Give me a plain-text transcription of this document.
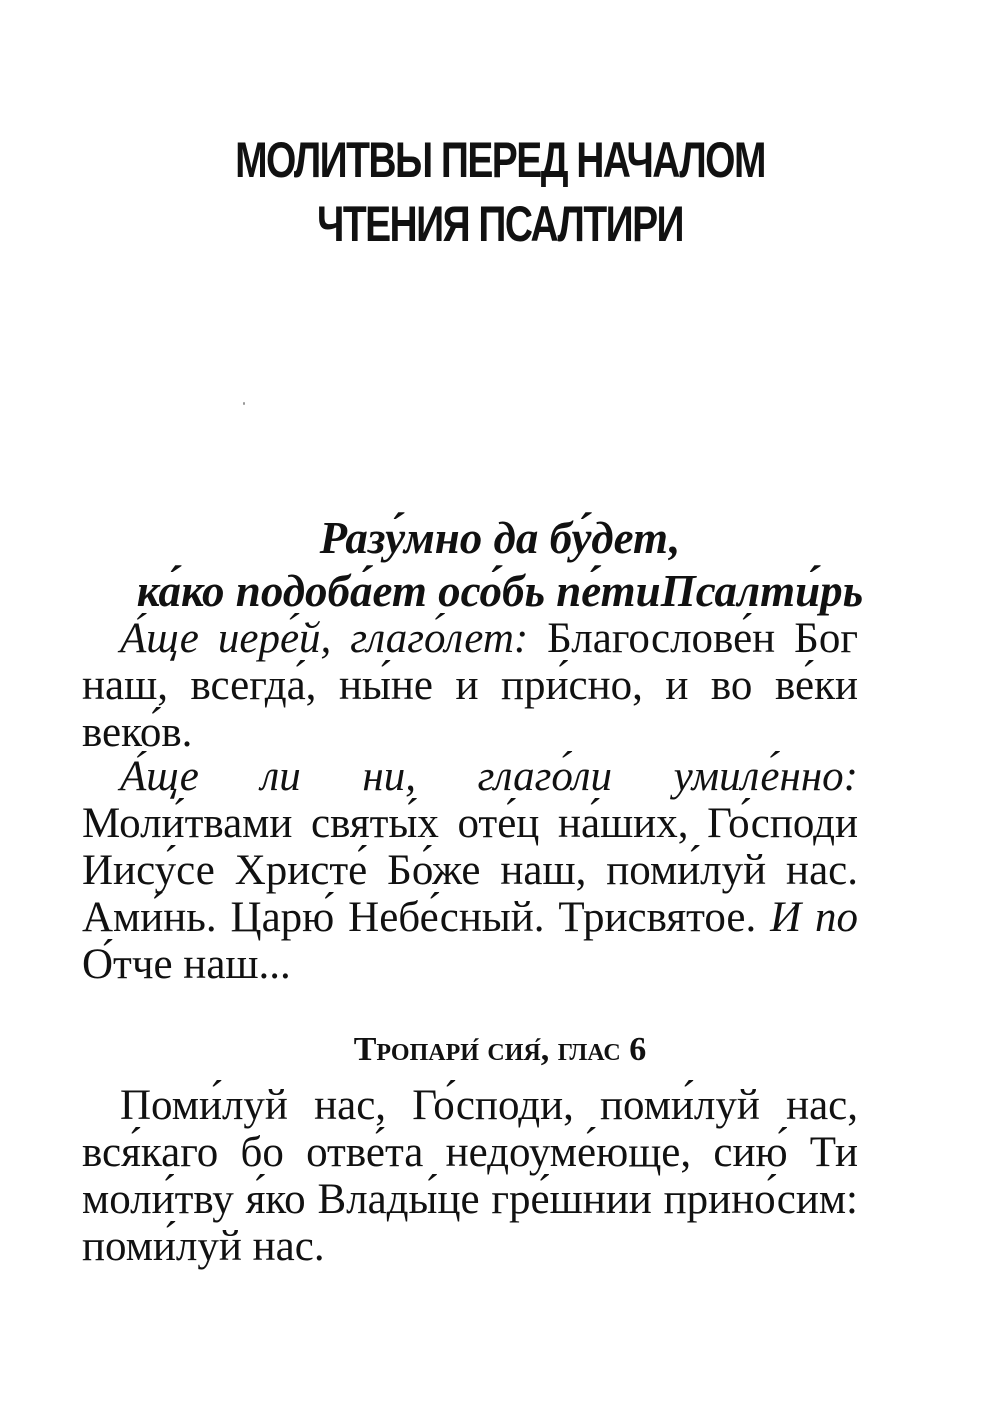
МОЛИТВЫ ПЕРЕД НАЧАЛОМ
ЧТЕНИЯ ПСАЛТИРИ
Разу́мно да бу́дет,
ка́ко подоба́ет осо́бь пе́тиПсалти́рь

А́ще иере́й, глаго́лет: Благослове́н Бог наш, всегда́, ны́не и при́сно, и во ве́ки веко́в.

А́ще ли ни, глаго́ли умиле́нно: Моли́твами святы́х оте́ц на́ших, Го́споди Иису́се Христе́ Бо́же наш, поми́луй нас. Ами́нь. Царю́ Небе́сный. Трисвятое. И по О́тче наш...

Тропари́ сия́, глас 6

Поми́луй нас, Го́споди, поми́луй нас, вся́каго бо отве́та недоуме́юще, сию́ Ти моли́тву я́ко Влады́це гре́шнии прино́сим: поми́луй нас.
